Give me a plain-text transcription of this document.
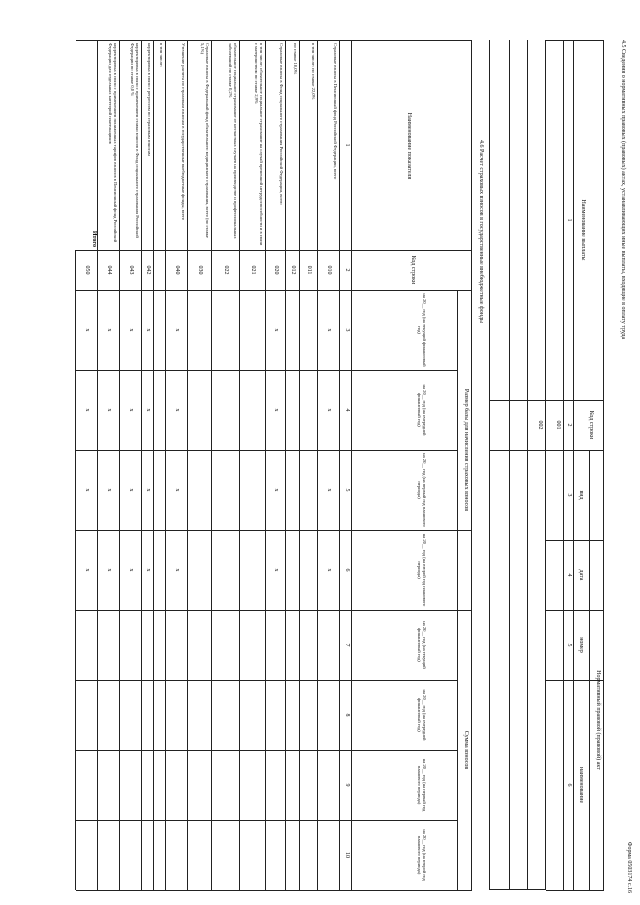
Форма 0503174 с.16
4.5 Сведения о нормативных правовых (правовых) актах, устанавливающих иные выплаты, входящие в оплату труда
Наименование выплаты
Код строки
Нормативный правовой (правовой) акт
вид
дата
номер
наименование
1
2
3
4
5
6
001
002
4.6 Расчет страховых взносов в государственные внебюджетные фонды
Размер базы для начисления страховых взносов
Сумма взносов
Наименование показателя
Код строки
на 20__ год (на текущий финансовый год)
на 20__ год (на очередной финансовый год)
на 20__ год (на первый год планового периода)
на 20__ год (на второй год планового периода)
на 20__ год (на текущий финансовый год)
на 20__ год (на очередной финансовый год)
на 20__ год (на первый год планового периода)
на 20__ год (на второй год планового периода)
1
2
3
4
5
6
7
8
9
10
Страховые взносы в Пенсионный фонд Российской Федерации, всего
010
х
х
х
х
в том числе: по ставке 22,0%
011
по ставке 10,0%
012
Страховые взносы в Фонд социального страхования Российской Федерации, всего
020
х
х
х
х
в том числе: обязательное социальное страхование на случай временной нетрудоспособности и в связи с материнством по ставке 2,9%
021
обязательное социальное страхование от несчастных случаев на производстве и профессиональных заболеваний по ставке 0,2%
022
Страховые взносы в Федеральный фонд обязательного медицинского страхования, всего (по ставке 5,1%)
030
Уточнение расчета по страховым взносам в государственные внебюджетные фонды, всего
040
х
х
х
х
в том числе:
корректировка в связи с регрессом по страховым взносам
042
х
х
х
х
корректировка в связи с применением ставки взносов в Фонд социального страхования Российской Федерации по ставке 0,0 %
043
х
х
х
х
корректировка в связи с применением пониженных тарифов взносов в Пенсионный фонд Российской Федерации для отдельных категорий плательщиков
044
х
х
х
х
Итого
050
х
х
х
х
